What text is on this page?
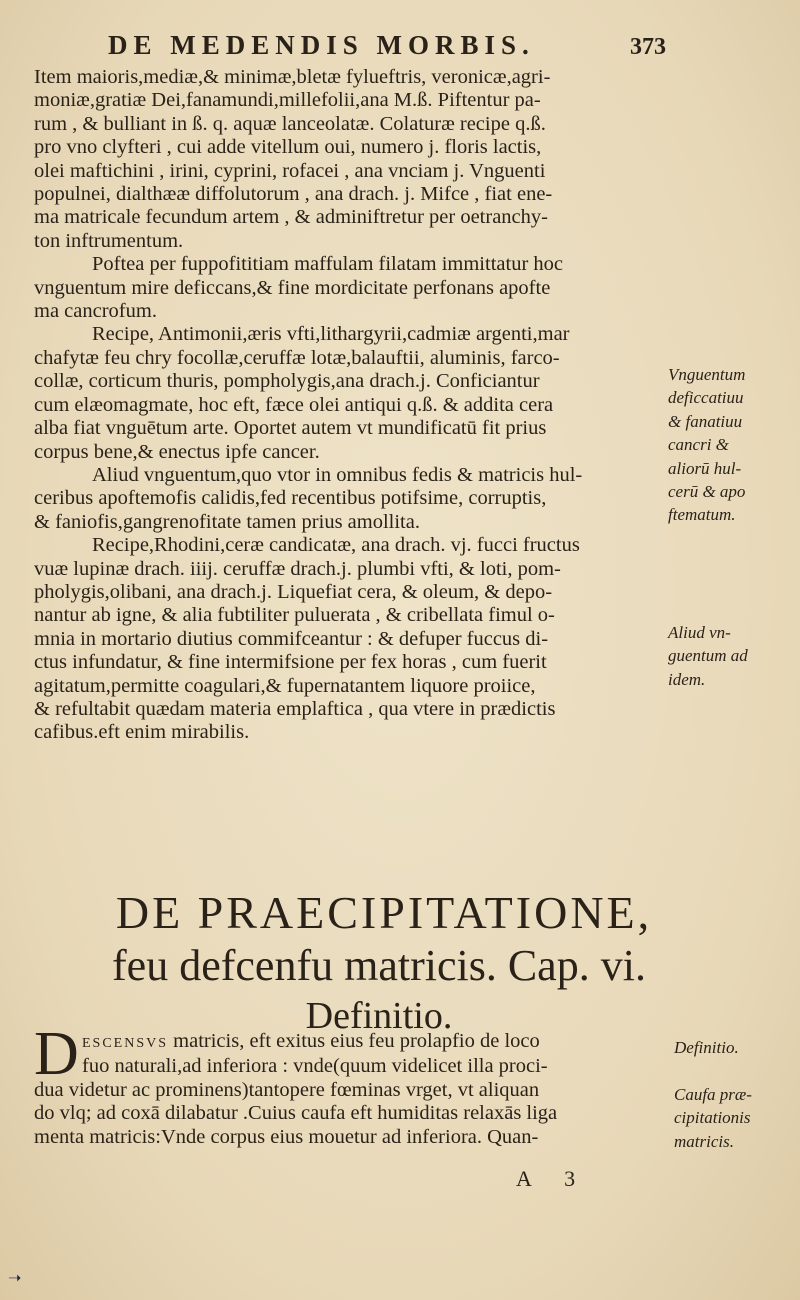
DE MEDENDIS MORBIS.	373
Item maioris,mediæ,& minimæ,bletæ fylueftris, veronicæ,agri-
moniæ,gratiæ Dei,fanamundi,millefolii,ana M.ß. Piftentur pa-
rum , & bulliant in ß. q. aquæ lanceolatæ. Colaturæ recipe q.ß.
pro vno clyfteri , cui adde vitellum oui, numero j. floris lactis,
olei maftichini , irini, cyprini, rofacei , ana vnciam j. Vnguenti
populnei, dialthææ diffolutorum , ana drach. j. Mifce , fiat ene-
ma matricale fecundum artem , & adminiftretur per oetranchy-
ton inftrumentum.
Poftea per fuppofititiam maffulam filatam immittatur hoc
vnguentum mire deficcans,& fine mordicitate perfonans apofte
ma cancrofum.
Recipe, Antimonii,æris vfti,lithargyrii,cadmiæ argenti,mar
chafytæ feu chry focollæ,ceruffæ lotæ,balauftii, aluminis, farco-
collæ, corticum thuris, pompholygis,ana drach.j. Conficiantur
cum elæomagmate, hoc eft, fæce olei antiqui q.ß. & addita cera
alba fiat vnguētum arte. Oportet autem vt mundificatū fit prius
corpus bene,& enectus ipfe cancer.
Aliud vnguentum,quo vtor in omnibus fedis & matricis hul-
ceribus apoftemofis calidis,fed recentibus potifsime, corruptis,
& faniofis,gangrenofitate tamen prius amollita.
Recipe,Rhodini,ceræ candicatæ, ana drach. vj. fucci fructus
vuæ lupinæ drach. iiij. ceruffæ drach.j. plumbi vfti, & loti, pom-
pholygis,olibani, ana drach.j. Liquefiat cera, & oleum, & depo-
nantur ab igne, & alia fubtiliter puluerata , & cribellata fimul o-
mnia in mortario diutius commifceantur : & defuper fuccus di-
ctus infundatur, & fine intermifsione per fex horas , cum fuerit
agitatum,permitte coagulari,& fupernatantem liquore proiice,
& refultabit quædam materia emplaftica , qua vtere in prædictis
cafibus.eft enim mirabilis.
Vnguentum
deficcatiuu
& fanatiuu
cancri &
aliorū hul-
cerū & apo
ftematum.
Aliud vn-
guentum ad
idem.
DE PRAECIPITATIONE,
feu defcenfu matricis. Cap. vi.
Definitio.
D ESCENSVS matricis, eft exitus eius feu prolapfio de loco
fuo naturali,ad inferiora : vnde(quum videlicet illa proci-
dua videtur ac prominens)tantopere fœminas vrget, vt aliquan
do vlq; ad coxā dilabatur .Cuius caufa eft humiditas relaxās liga
menta matricis:Vnde corpus eius mouetur ad inferiora. Quan-
Definitio.
Caufa præ-
cipitationis
matricis.
A 3
➝
